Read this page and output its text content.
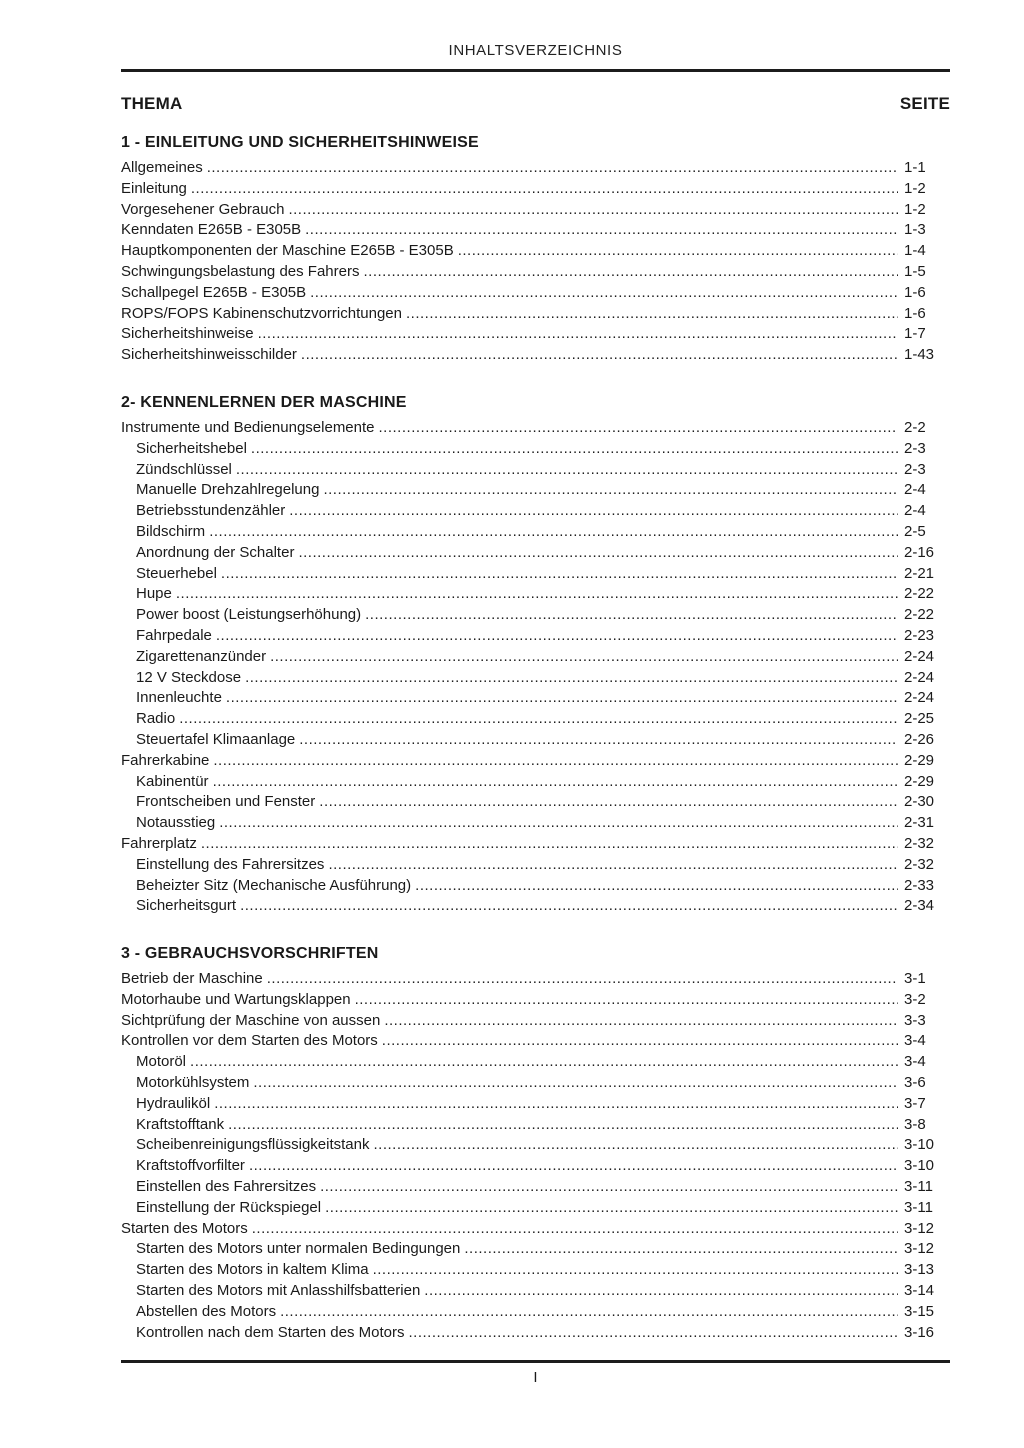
INHALTSVERZEICHNIS
THEMA	SEITE
1 - EINLEITUNG UND SICHERHEITSHINWEISE
Allgemeines .....	1-1
Einleitung .....	1-2
Vorgesehener Gebrauch .....	1-2
Kenndaten E265B - E305B .....	1-3
Hauptkomponenten der Maschine E265B - E305B .....	1-4
Schwingungsbelastung des Fahrers .....	1-5
Schallpegel E265B - E305B .....	1-6
ROPS/FOPS Kabinenschutzvorrichtungen .....	1-6
Sicherheitshinweise .....	1-7
Sicherheitshinweisschilder .....	1-43
2- KENNENLERNEN DER MASCHINE
Instrumente und Bedienungselemente .....	2-2
Sicherheitshebel .....	2-3
Zündschlüssel .....	2-3
Manuelle Drehzahlregelung .....	2-4
Betriebsstundenzähler .....	2-4
Bildschirm .....	2-5
Anordnung der Schalter .....	2-16
Steuerhebel .....	2-21
Hupe .....	2-22
Power boost (Leistungserhöhung) .....	2-22
Fahrpedale .....	2-23
Zigarettenanzünder .....	2-24
12 V Steckdose .....	2-24
Innenleuchte .....	2-24
Radio .....	2-25
Steuertafel Klimaanlage .....	2-26
Fahrerkabine .....	2-29
Kabinentür .....	2-29
Frontscheiben und Fenster .....	2-30
Notausstieg .....	2-31
Fahrerplatz .....	2-32
Einstellung des Fahrersitzes .....	2-32
Beheizter Sitz (Mechanische Ausführung) .....	2-33
Sicherheitsgurt .....	2-34
3 - GEBRAUCHSVORSCHRIFTEN
Betrieb der Maschine .....	3-1
Motorhaube und Wartungsklappen .....	3-2
Sichtprüfung der Maschine von aussen .....	3-3
Kontrollen vor dem Starten des Motors .....	3-4
Motoröl .....	3-4
Motorkühlsystem .....	3-6
Hydrauliköl .....	3-7
Kraftstofftank .....	3-8
Scheibenreinigungsflüssigkeitstank .....	3-10
Kraftstoffvorfilter .....	3-10
Einstellen des Fahrersitzes .....	3-11
Einstellung der Rückspiegel .....	3-11
Starten des Motors .....	3-12
Starten des Motors unter normalen Bedingungen .....	3-12
Starten des Motors in kaltem Klima .....	3-13
Starten des Motors mit Anlasshilfsbatterien .....	3-14
Abstellen des Motors .....	3-15
Kontrollen nach dem Starten des Motors .....	3-16
I
